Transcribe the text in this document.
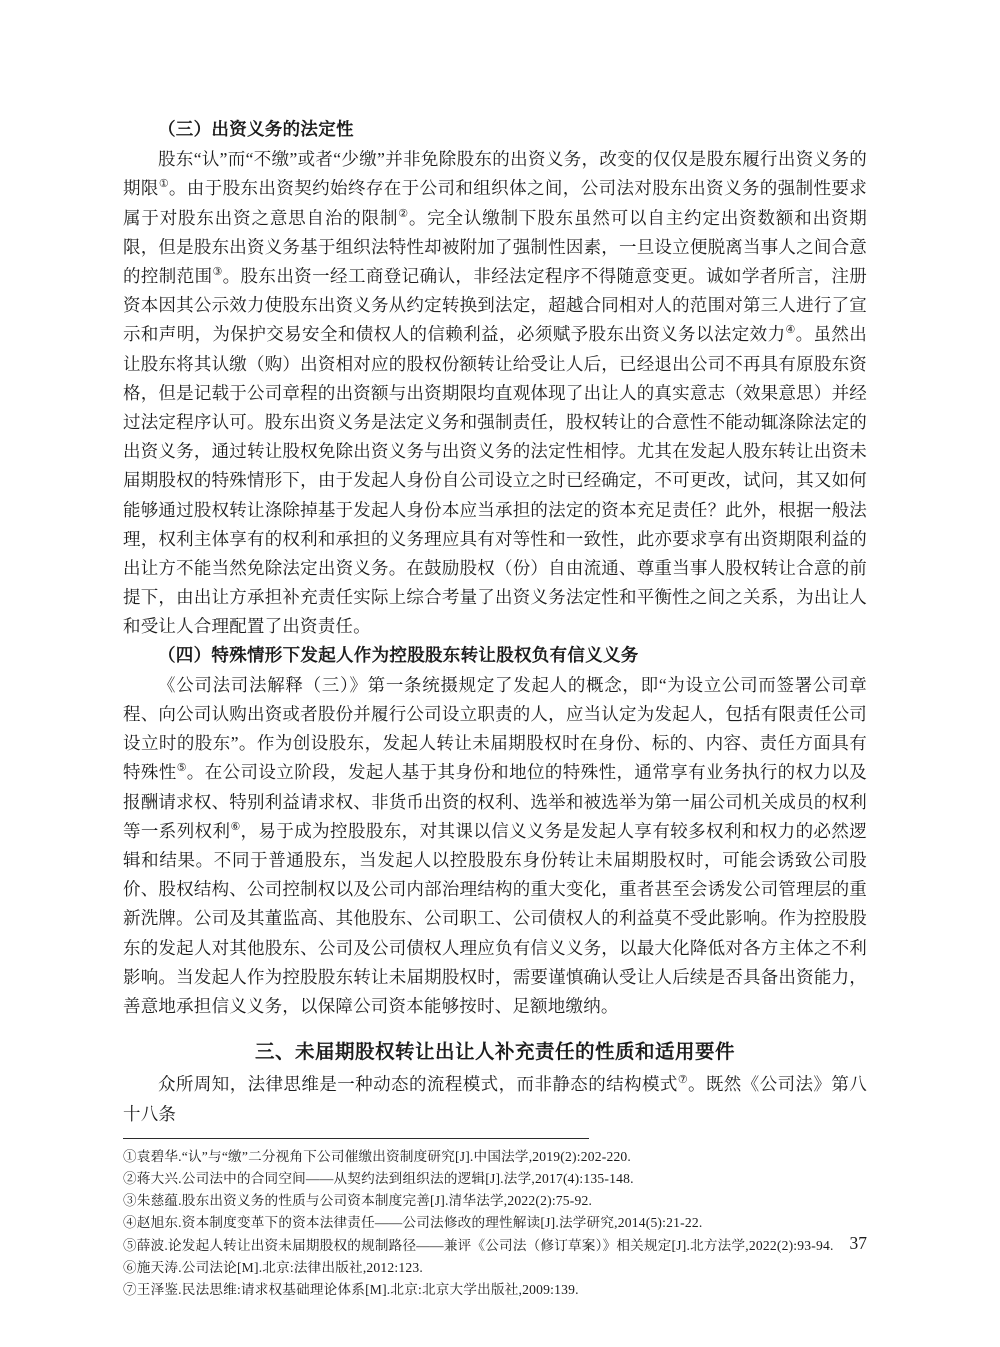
（三）出资义务的法定性

股东“认”而“不缴”或者“少缴”并非免除股东的出资义务，改变的仅仅是股东履行出资义务的期限①。由于股东出资契约始终存在于公司和组织体之间，公司法对股东出资义务的强制性要求属于对股东出资之意思自治的限制②。完全认缴制下股东虽然可以自主约定出资数额和出资期限，但是股东出资义务基于组织法特性却被附加了强制性因素，一旦设立便脱离当事人之间合意的控制范围③。股东出资一经工商登记确认，非经法定程序不得随意变更。诚如学者所言，注册资本因其公示效力使股东出资义务从约定转换到法定，超越合同相对人的范围对第三人进行了宣示和声明，为保护交易安全和债权人的信赖利益，必须赋予股东出资义务以法定效力④。虽然出让股东将其认缴（购）出资相对应的股权份额转让给受让人后，已经退出公司不再具有原股东资格，但是记载于公司章程的出资额与出资期限均直观体现了出让人的真实意志（效果意思）并经过法定程序认可。股东出资义务是法定义务和强制责任，股权转让的合意性不能动辄涤除法定的出资义务，通过转让股权免除出资义务与出资义务的法定性相悖。尤其在发起人股东转让出资未届期股权的特殊情形下，由于发起人身份自公司设立之时已经确定，不可更改，试问，其又如何能够通过股权转让涤除掉基于发起人身份本应当承担的法定的资本充足责任？此外，根据一般法理，权利主体享有的权利和承担的义务理应具有对等性和一致性，此亦要求享有出资期限利益的出让方不能当然免除法定出资义务。在鼓励股权（份）自由流通、尊重当事人股权转让合意的前提下，由出让方承担补充责任实际上综合考量了出资义务法定性和平衡性之间之关系，为出让人和受让人合理配置了出资责任。

（四）特殊情形下发起人作为控股股东转让股权负有信义义务

《公司法司法解释（三）》第一条统摄规定了发起人的概念，即“为设立公司而签署公司章程、向公司认购出资或者股份并履行公司设立职责的人，应当认定为发起人，包括有限责任公司设立时的股东”。作为创设股东，发起人转让未届期股权时在身份、标的、内容、责任方面具有特殊性⑤。在公司设立阶段，发起人基于其身份和地位的特殊性，通常享有业务执行的权力以及报酬请求权、特别利益请求权、非货币出资的权利、选举和被选举为第一届公司机关成员的权利等一系列权利⑥，易于成为控股股东，对其课以信义义务是发起人享有较多权利和权力的必然逻辑和结果。不同于普通股东，当发起人以控股股东身份转让未届期股权时，可能会诱致公司股价、股权结构、公司控制权以及公司内部治理结构的重大变化，重者甚至会诱发公司管理层的重新洗牌。公司及其董监高、其他股东、公司职工、公司债权人的利益莫不受此影响。作为控股股东的发起人对其他股东、公司及公司债权人理应负有信义义务，以最大化降低对各方主体之不利影响。当发起人作为控股股东转让未届期股权时，需要谨慎确认受让人后续是否具备出资能力，善意地承担信义义务，以保障公司资本能够按时、足额地缴纳。

三、未届期股权转让出让人补充责任的性质和适用要件

众所周知，法律思维是一种动态的流程模式，而非静态的结构模式⑦。既然《公司法》第八十八条

①袁碧华.“认”与“缴”二分视角下公司催缴出资制度研究[J].中国法学,2019(2):202-220.
②蒋大兴.公司法中的合同空间——从契约法到组织法的逻辑[J].法学,2017(4):135-148.
③朱慈蕴.股东出资义务的性质与公司资本制度完善[J].清华法学,2022(2):75-92.
④赵旭东.资本制度变革下的资本法律责任——公司法修改的理性解读[J].法学研究,2014(5):21-22.
⑤薛波.论发起人转让出资未届期股权的规制路径——兼评《公司法（修订草案）》相关规定[J].北方法学,2022(2):93-94.
⑥施天涛.公司法论[M].北京:法律出版社,2012:123.
⑦王泽鉴.民法思维:请求权基础理论体系[M].北京:北京大学出版社,2009:139.
37
